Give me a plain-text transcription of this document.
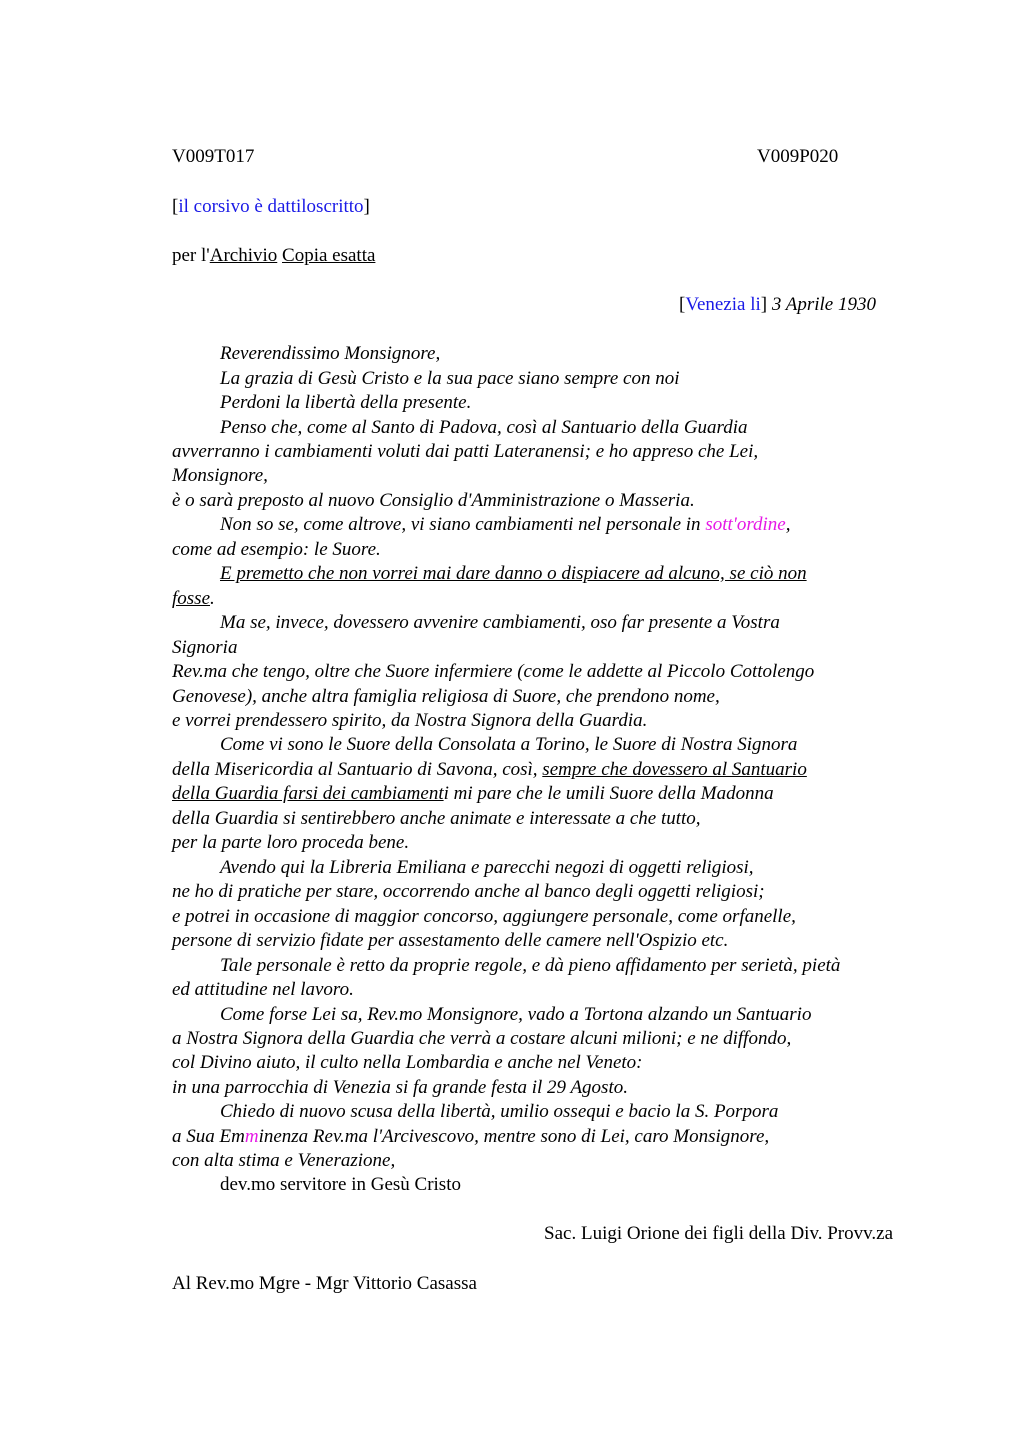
V009T017	V009P020
[il corsivo è dattiloscritto]
per l'Archivio Copia esatta
[Venezia li] 3 Aprile 1930
Reverendissimo Monsignore,
La grazia di Gesù Cristo e la sua pace siano sempre con noi
Perdoni la libertà della presente.
Penso che, come al Santo di Padova, così al Santuario della Guardia
avverranno i cambiamenti voluti dai patti Lateranensi; e ho appreso che Lei,
Monsignore,
è o sarà preposto al nuovo Consiglio d'Amministrazione o Masseria.
Non so se, come altrove, vi siano cambiamenti nel personale in sott'ordine,
come ad esempio: le Suore.
E premetto che non vorrei mai dare danno o dispiacere ad alcuno, se ciò non
fosse.
Ma se, invece, dovessero avvenire cambiamenti, oso far presente a Vostra
Signoria
Rev.ma che tengo, oltre che Suore infermiere (come le addette al Piccolo Cottolengo
Genovese), anche altra famiglia religiosa di Suore, che prendono nome,
e vorrei prendessero spirito, da Nostra Signora della Guardia.
Come vi sono le Suore della Consolata a Torino, le Suore di Nostra Signora
della Misericordia al Santuario di Savona, così, sempre che dovessero al Santuario
della Guardia farsi dei cambiamenti mi pare che le umili Suore della Madonna
della Guardia si sentirebbero anche animate e interessate a che tutto,
per la parte loro proceda bene.
Avendo qui la Libreria Emiliana e parecchi negozi di oggetti religiosi,
ne ho di pratiche per stare, occorrendo anche al banco degli oggetti religiosi;
e potrei in occasione di maggior concorso, aggiungere personale, come orfanelle,
persone di servizio fidate per assestamento delle camere nell'Ospizio etc.
Tale personale è retto da proprie regole, e dà pieno affidamento per serietà, pietà
ed attitudine nel lavoro.
Come forse Lei sa, Rev.mo Monsignore, vado a Tortona alzando un Santuario
a Nostra Signora della Guardia che verrà a costare alcuni milioni; e ne diffondo,
col Divino aiuto, il culto nella Lombardia e anche nel Veneto:
in una parrocchia di Venezia si fa grande festa il 29 Agosto.
Chiedo di nuovo scusa della libertà, umilio ossequi e bacio la S. Porpora
a Sua Emminenza Rev.ma l'Arcivescovo, mentre sono di Lei, caro Monsignore,
con alta stima e Venerazione,
dev.mo servitore in Gesù Cristo
Sac. Luigi Orione dei figli della Div. Provv.za
Al Rev.mo Mgre - Mgr Vittorio Casassa
